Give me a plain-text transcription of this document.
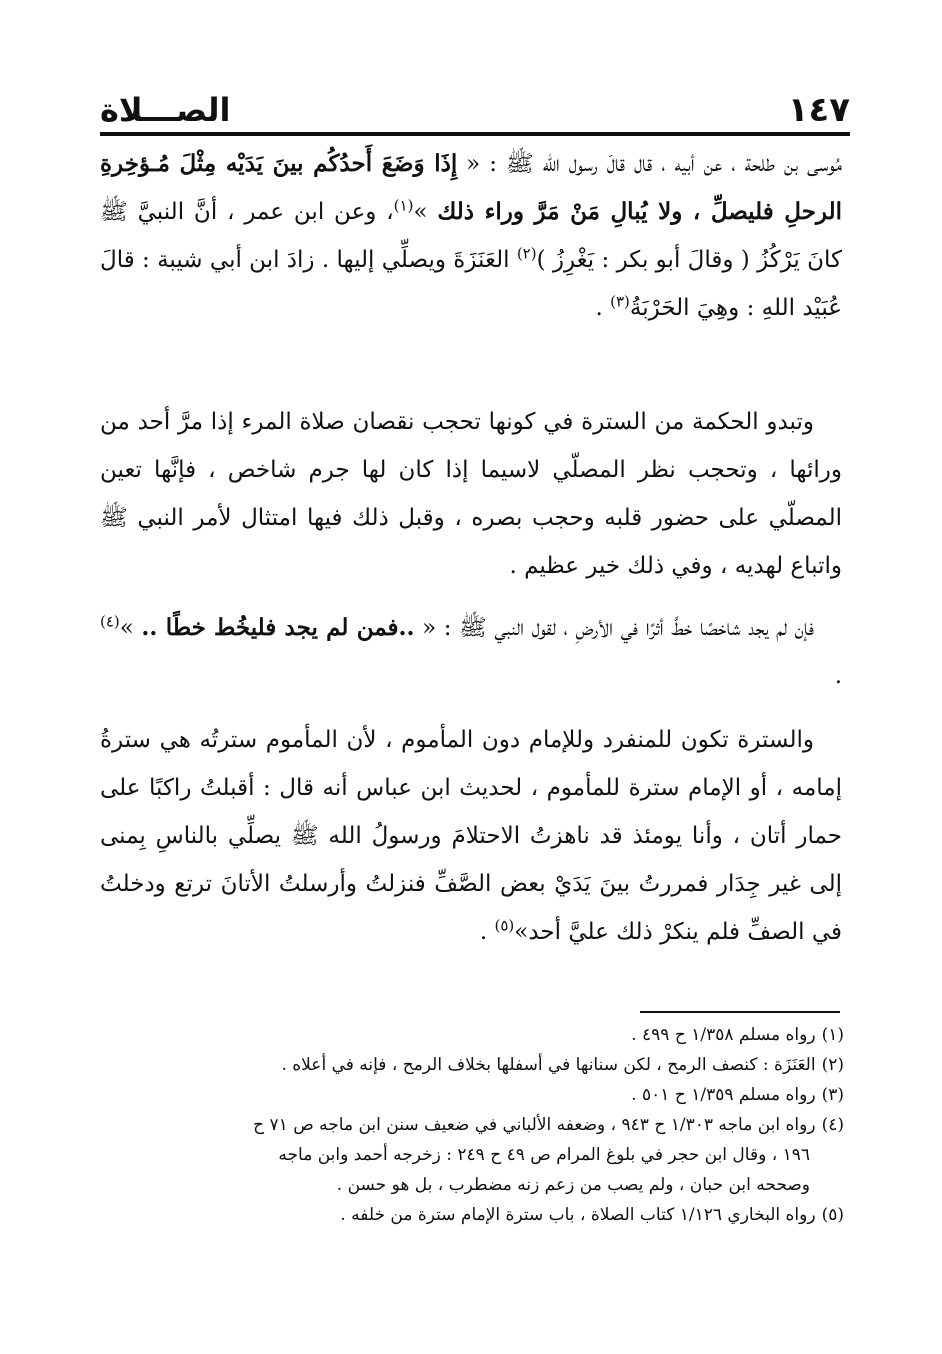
١٤٧
الصـــلاة

مُوسى بن طلحة ، عن أبيه ، قال قالَ رسول الله ﷺ : « إِذَا وَضَعَ أَحدُكُم بينَ يَدَيْه مِثْلَ مُـؤخِرةِ الرحلِ فليصلِّ ، ولا يُبالِ مَنْ مَرَّ وراء ذلك »$^{(١)}$، وعن ابن عمر ، أنَّ النبيَّ ﷺ كانَ يَرْكُزُ ( وقالَ أبو بكر : يَغْرِزُ )$^{(٢)}$ العَنَزَةَ ويصلِّي إليها . زادَ ابن أبي شيبة : قالَ عُبَيْد اللهِ : وهِيَ الحَرْبَةُ$^{(٣)}$ .

وتبدو الحكمة من السترة في كونها تحجب نقصان صلاة المرء إذا مرَّ أحد من ورائها ، وتحجب نظر المصلّي لاسيما إذا كان لها جرم شاخص ، فإنَّها تعين المصلّي على حضور قلبه وحجب بصره ، وقبل ذلك فيها امتثال لأمر النبي ﷺ واتباع لهديه ، وفي ذلك خير عظيم .

فإن لم يجد شاخصًا خطَّ أثرًا في الأرضِ ، لقول النبي ﷺ : « ..فمن لم يجد فليخُط خطًا .. »$^{(٤)}$ .

والسترة تكون للمنفرد وللإمام دون المأموم ، لأن المأموم سترتُه هي سترةُ إمامه ، أو الإمام سترة للمأموم ، لحديث ابن عباس أنه قال : أقبلتُ راكبًا على حمار أتان ، وأنا يومئذ قد ناهزتُ الاحتلامَ ورسولُ الله ﷺ يصلِّي بالناسِ بِمنى إلى غير جِدَار فمررتُ بينَ يَدَيْ بعض الصَّفِّ فنزلتُ وأرسلتُ الأتانَ ترتع ودخلتُ في الصفِّ فلم ينكرْ ذلك عليَّ أحد»$^{(٥)}$ .

(١)رواه مسلم ١/٣٥٨ ح ٤٩٩ .

(٢)العَنَزَة : كنصف الرمح ، لكن سنانها في أسفلها بخلاف الرمح ، فإنه في أعلاه .

(٣)رواه مسلم ١/٣٥٩ ح ٥٠١ .

(٤)رواه ابن ماجه ١/٣٠٣ ح ٩٤٣ ، وضعفه الألباني في ضعيف سنن ابن ماجه ص ٧١ ح

١٩٦ ، وقال ابن حجر في بلوغ المرام ص ٤٩ ح ٢٤٩ : زخرجه أحمد وابن ماجه

وصححه ابن حبان ، ولم يصب من زعم زنه مضطرب ، بل هو حسن .

(٥)رواه البخاري ١/١٢٦ كتاب الصلاة ، باب سترة الإمام سترة من خلفه .
